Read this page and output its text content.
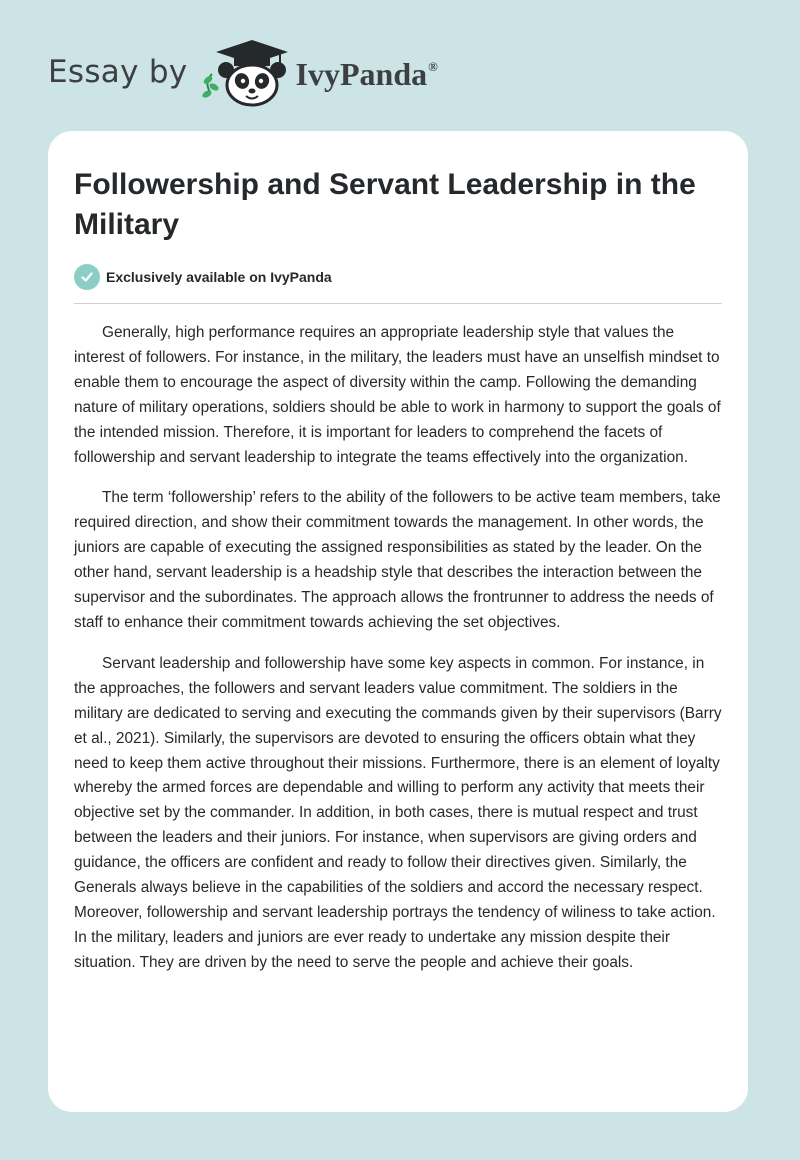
Essay by	IvyPanda®
Followership and Servant Leadership in the Military
Exclusively available on IvyPanda

Generally, high performance requires an appropriate leadership style that values the interest of followers. For instance, in the military, the leaders must have an unselfish mindset to enable them to encourage the aspect of diversity within the camp. Following the demanding nature of military operations, soldiers should be able to work in harmony to support the goals of the intended mission. Therefore, it is important for leaders to comprehend the facets of followership and servant leadership to integrate the teams effectively into the organization.

The term ‘followership’ refers to the ability of the followers to be active team members, take required direction, and show their commitment towards the management. In other words, the juniors are capable of executing the assigned responsibilities as stated by the leader. On the other hand, servant leadership is a headship style that describes the interaction between the supervisor and the subordinates. The approach allows the frontrunner to address the needs of staff to enhance their commitment towards achieving the set objectives.

Servant leadership and followership have some key aspects in common. For instance, in the approaches, the followers and servant leaders value commitment. The soldiers in the military are dedicated to serving and executing the commands given by their supervisors (Barry et al., 2021). Similarly, the supervisors are devoted to ensuring the officers obtain what they need to keep them active throughout their missions. Furthermore, there is an element of loyalty whereby the armed forces are dependable and willing to perform any activity that meets their objective set by the commander. In addition, in both cases, there is mutual respect and trust between the leaders and their juniors. For instance, when supervisors are giving orders and guidance, the officers are confident and ready to follow their directives given. Similarly, the Generals always believe in the capabilities of the soldiers and accord the necessary respect. Moreover, followership and servant leadership portrays the tendency of wiliness to take action. In the military, leaders and juniors are ever ready to undertake any mission despite their situation. They are driven by the need to serve the people and achieve their goals.
